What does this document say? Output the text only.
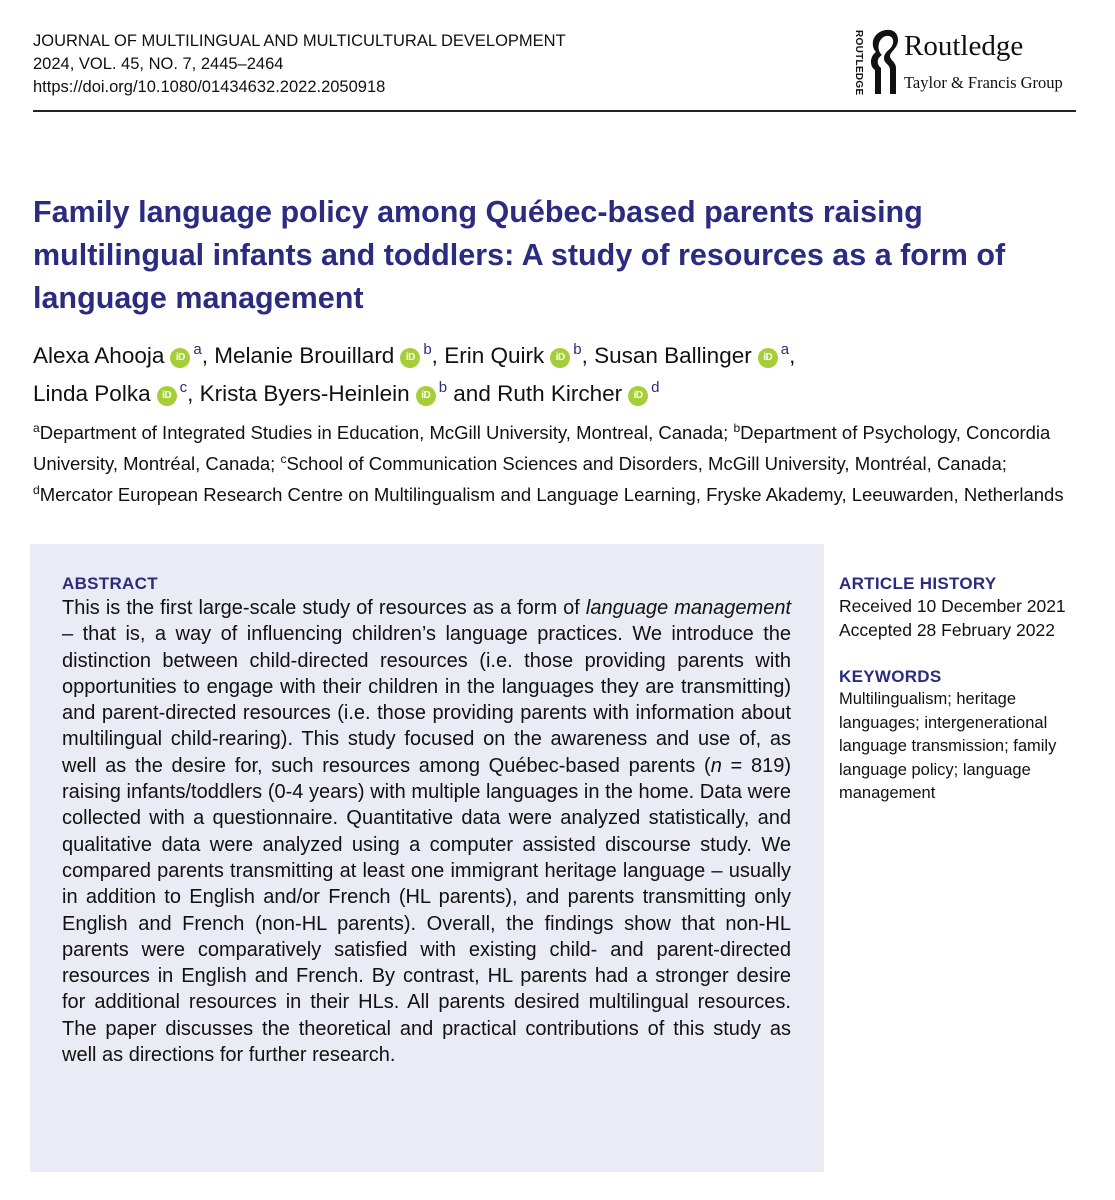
JOURNAL OF MULTILINGUAL AND MULTICULTURAL DEVELOPMENT
2024, VOL. 45, NO. 7, 2445–2464
https://doi.org/10.1080/01434632.2022.2050918	ROUTLEDGE Routledge
Taylor & Francis Group
Family language policy among Québec-based parents raising multilingual infants and toddlers: A study of resources as a form of language management
Alexa Ahooja iD $^a$, Melanie Brouillard iD $^b$, Erin Quirk iD $^b$, Susan Ballinger iD $^a$,
Linda Polka iD $^c$, Krista Byers-Heinlein iD $^b$ and Ruth Kircher iD $^d$

$^a$Department of Integrated Studies in Education, McGill University, Montreal, Canada; $^b$Department of Psychology, Concordia University, Montréal, Canada; $^c$School of Communication Sciences and Disorders, McGill University, Montréal, Canada; $^d$Mercator European Research Centre on Multilingualism and Language Learning, Fryske Akademy, Leeuwarden, Netherlands

ABSTRACT

This is the first large-scale study of resources as a form of language management – that is, a way of influencing children’s language practices. We introduce the distinction between child-directed resources (i.e. those providing parents with opportunities to engage with their children in the languages they are transmitting) and parent-directed resources (i.e. those providing parents with information about multilingual child-rearing). This study focused on the awareness and use of, as well as the desire for, such resources among Québec-based parents (n = 819) raising infants/toddlers (0-4 years) with multiple languages in the home. Data were collected with a questionnaire. Quantitative data were analyzed statistically, and qualitative data were analyzed using a computer assisted discourse study. We compared parents transmitting at least one immigrant heritage language – usually in addition to English and/or French (HL parents), and parents transmitting only English and French (non-HL parents). Overall, the findings show that non-HL parents were comparatively satisfied with existing child- and parent-directed resources in English and French. By contrast, HL parents had a stronger desire for additional resources in their HLs. All parents desired multilingual resources. The paper discusses the theoretical and practical contributions of this study as well as directions for further research.

ARTICLE HISTORY
Received 10 December 2021
Accepted 28 February 2022
KEYWORDS
Multilingualism; heritage languages; intergenerational language transmission; family language policy; language management
